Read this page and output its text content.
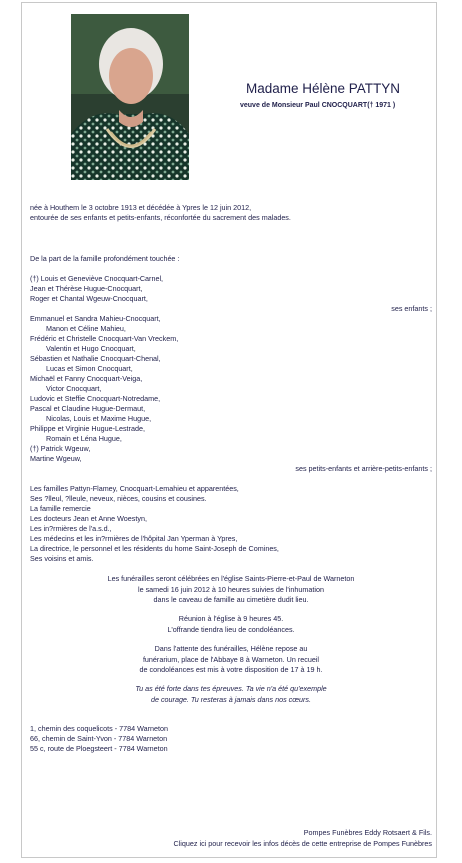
Madame Hélène PATTYN
veuve de Monsieur Paul CNOCQUART(† 1971 )
née à Houthem le 3 octobre 1913 et décédée à Ypres le 12 juin 2012,
entourée de ses enfants et petits-enfants, réconfortée du sacrement des malades.
De la part de la famille profondément touchée :
(†) Louis et Geneviève Cnocquart-Carnel,
Jean et Thérèse Hugue-Cnocquart,
Roger et Chantal Wgeuw-Cnocquart,
ses enfants ;
Emmanuel et Sandra Mahieu-Cnocquart,
Manon et Céline Mahieu,
Frédéric et Christelle Cnocquart-Van Vreckem,
Valentin et Hugo Cnocquart,
Sébastien et Nathalie Cnocquart-Chenal,
Lucas et Simon Cnocquart,
Michaël et Fanny Cnocquart-Veiga,
Victor Cnocquart,
Ludovic et Steffie Cnocquart-Notredame,
Pascal et Claudine Hugue-Dermaut,
Nicolas, Louis et Maxime Hugue,
Philippe et Virginie Hugue-Lestrade,
Romain et Léna Hugue,
(†) Patrick Wgeuw,
Martine Wgeuw,
ses petits-enfants et arrière-petits-enfants ;
Les familles Pattyn-Flamey, Cnocquart-Lemahieu et apparentées,
Ses ?lleul, ?lleule, neveux, nièces, cousins et cousines.
La famille remercie
Les docteurs Jean et Anne Woestyn,
Les in?rmières de l'a.s.d.,
Les médecins et les in?rmières de l'hôpital Jan Yperman à Ypres,
La directrice, le personnel et les résidents du home Saint-Joseph de Comines,
Ses voisins et amis.
Les funérailles seront célébrées en l'église Saints-Pierre-et-Paul de Warneton
le samedi 16 juin 2012 à 10 heures suivies de l'inhumation
dans le caveau de famille au cimetière dudit lieu.
Réunion à l'église à 9 heures 45.
L'offrande tiendra lieu de condoléances.
Dans l'attente des funérailles, Hélène repose au
funérarium, place de l'Abbaye 8 à Warneton. Un recueil
de condoléances est mis à votre disposition de 17 à 19 h.
Tu as été forte dans tes épreuves. Ta vie n'a été qu'exemple
de courage. Tu resteras à jamais dans nos cœurs.
1, chemin des coquelicots - 7784 Warneton
66, chemin de Saint-Yvon - 7784 Warneton
55 c, route de Ploegsteert - 7784 Warneton
Pompes Funèbres Eddy Rotsaert & Fils.
Cliquez ici pour recevoir les infos décès de cette entreprise de Pompes Funèbres
